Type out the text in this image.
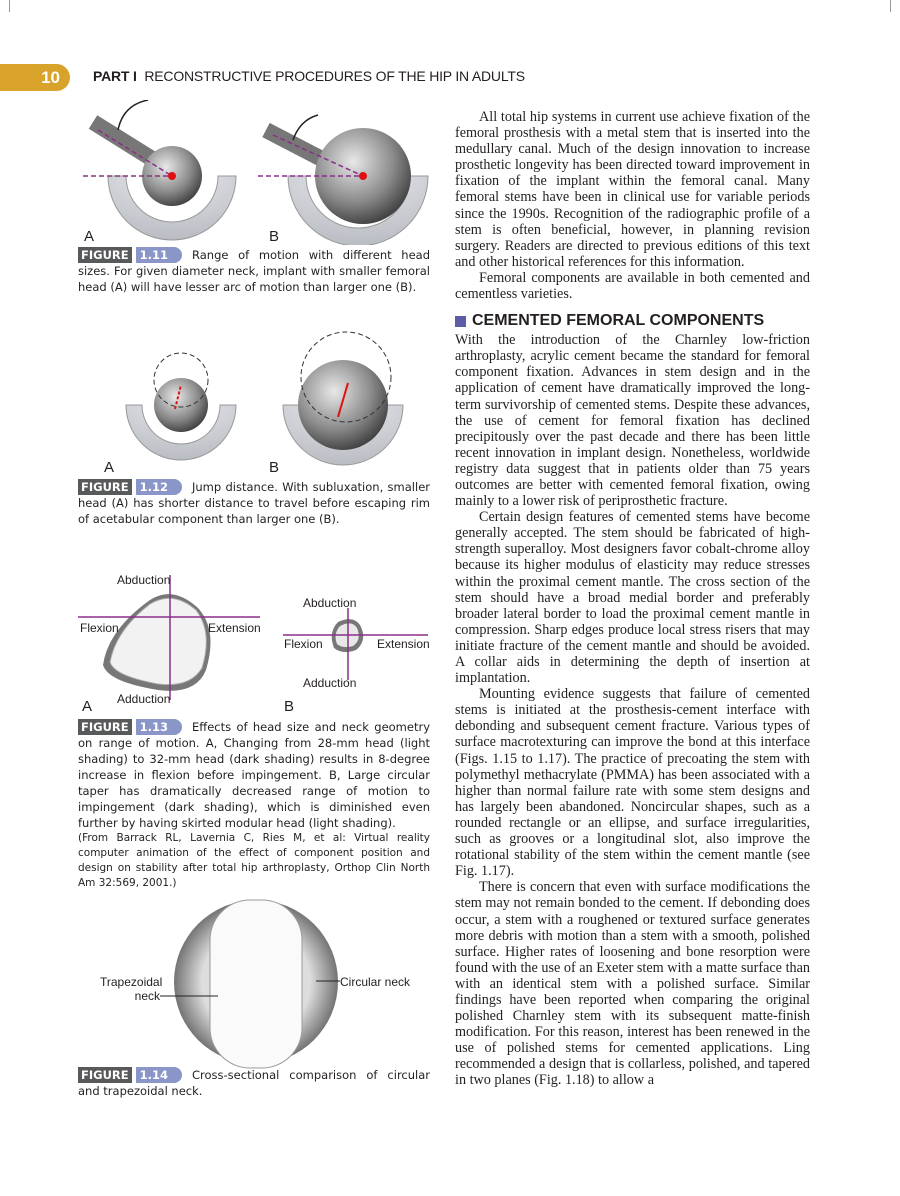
10	PART I RECONSTRUCTIVE PROCEDURES OF THE HIP IN ADULTS
A	B
FIGURE 1.11 Range of motion with different head sizes. For given diameter neck, implant with smaller femoral head (A) will have lesser arc of motion than larger one (B).
A	B
FIGURE 1.12 Jump distance. With subluxation, smaller head (A) has shorter distance to travel before escaping rim of acetabular component than larger one (B).
Abduction
Flexion	Extension
Adduction
A
Abduction
Flexion	Extension
Adduction
B
FIGURE 1.13 Effects of head size and neck geometry on range of motion. A, Changing from 28-mm head (light shading) to 32-mm head (dark shading) results in 8-degree increase in flexion before impingement. B, Large circular taper has dramatically decreased range of motion to impingement (dark shading), which is diminished even further by having skirted modular head (light shading).
(From Barrack RL, Lavernia C, Ries M, et al: Virtual reality computer animation of the effect of component position and design on stability after total hip arthroplasty, Orthop Clin North Am 32:569, 2001.)
Trapezoidal neck
Circular neck
FIGURE 1.14 Cross-sectional comparison of circular and trapezoidal neck.

All total hip systems in current use achieve fixation of the femoral prosthesis with a metal stem that is inserted into the medullary canal. Much of the design innovation to increase prosthetic longevity has been directed toward improvement in fixation of the implant within the femoral canal. Many femoral stems have been in clinical use for variable periods since the 1990s. Recognition of the radiographic profile of a stem is often beneficial, however, in planning revision surgery. Readers are directed to previous editions of this text and other historical references for this information.

Femoral components are available in both cemented and cementless varieties.

CEMENTED FEMORAL COMPONENTS

With the introduction of the Charnley low-friction arthroplasty, acrylic cement became the standard for femoral component fixation. Advances in stem design and in the application of cement have dramatically improved the long-term survivorship of cemented stems. Despite these advances, the use of cement for femoral fixation has declined precipitously over the past decade and there has been little recent innovation in implant design. Nonetheless, worldwide registry data suggest that in patients older than 75 years outcomes are better with cemented femoral fixation, owing mainly to a lower risk of periprosthetic fracture.

Certain design features of cemented stems have become generally accepted. The stem should be fabricated of high-strength superalloy. Most designers favor cobalt-chrome alloy because its higher modulus of elasticity may reduce stresses within the proximal cement mantle. The cross section of the stem should have a broad medial border and preferably broader lateral border to load the proximal cement mantle in compression. Sharp edges produce local stress risers that may initiate fracture of the cement mantle and should be avoided. A collar aids in determining the depth of insertion at implantation.

Mounting evidence suggests that failure of cemented stems is initiated at the prosthesis-cement interface with debonding and subsequent cement fracture. Various types of surface macrotexturing can improve the bond at this interface (Figs. 1.15 to 1.17). The practice of precoating the stem with polymethyl methacrylate (PMMA) has been associated with a higher than normal failure rate with some stem designs and has largely been abandoned. Noncircular shapes, such as a rounded rectangle or an ellipse, and surface irregularities, such as grooves or a longitudinal slot, also improve the rotational stability of the stem within the cement mantle (see Fig. 1.17).

There is concern that even with surface modifications the stem may not remain bonded to the cement. If debonding does occur, a stem with a roughened or textured surface generates more debris with motion than a stem with a smooth, polished surface. Higher rates of loosening and bone resorption were found with the use of an Exeter stem with a matte surface than with an identical stem with a polished surface. Similar findings have been reported when comparing the original polished Charnley stem with its subsequent matte-finish modification. For this reason, interest has been renewed in the use of polished stems for cemented applications. Ling recommended a design that is collarless, polished, and tapered in two planes (Fig. 1.18) to allow a
